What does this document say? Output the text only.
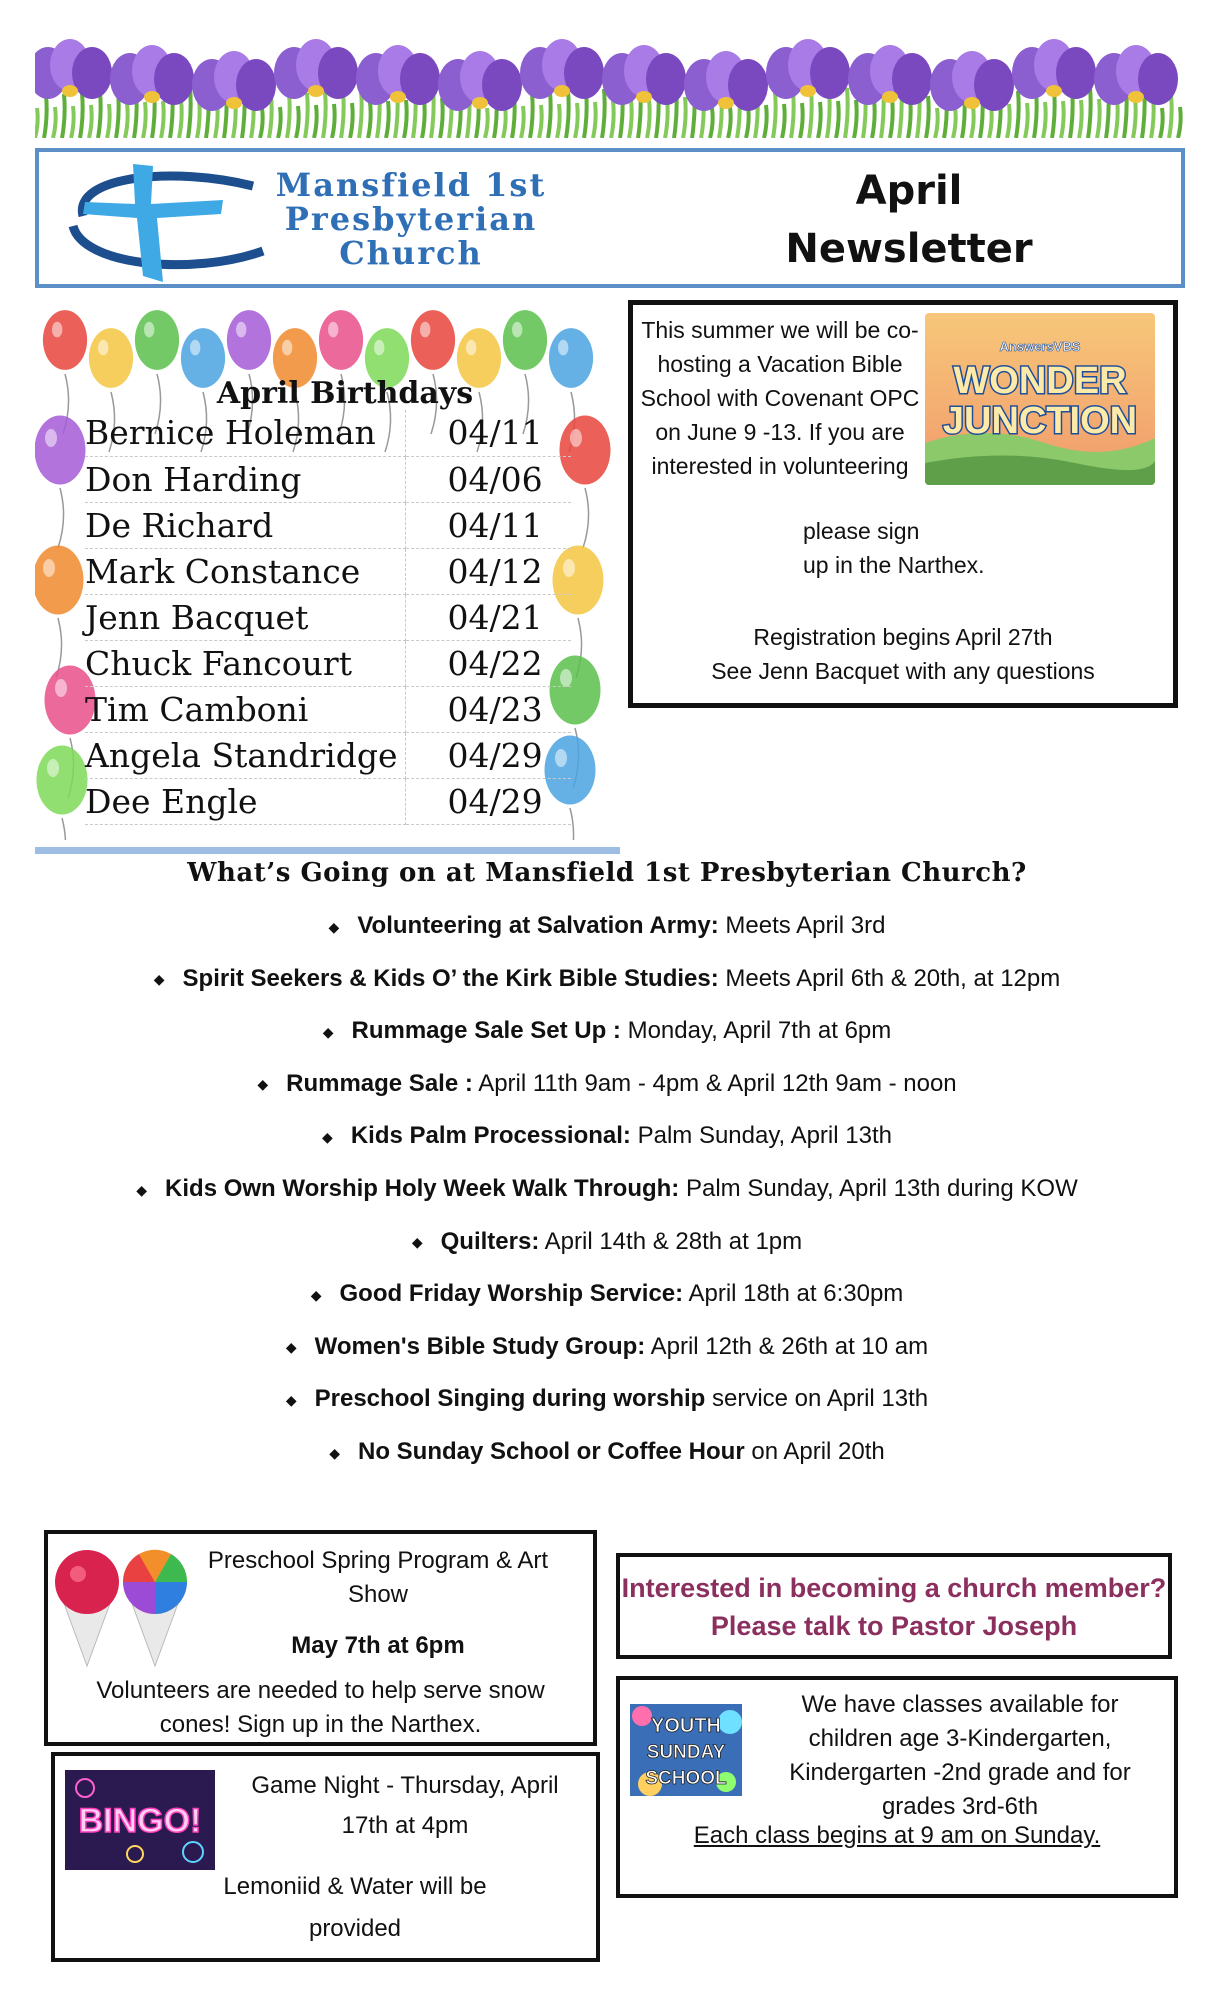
Mansfield 1st
Presbyterian
Church
April
Newsletter
April Birthdays
Bernice Holeman	04/11
Don Harding	04/06
De Richard	04/11
Mark Constance	04/12
Jenn Bacquet	04/21
Chuck Fancourt	04/22
Tim Camboni	04/23
Angela Standridge	04/29
Dee Engle	04/29
This summer we will be co-hosting a Vacation Bible School with Covenant OPC on June 9 -13. If you are interested in volunteering
please sign
up in the Narthex.
Registration begins April 27th
See Jenn Bacquet with any questions
AnswersVBS
WONDER
JUNCTION
What’s Going on at Mansfield 1st Presbyterian Church?
◆ Volunteering at Salvation Army: Meets April 3rd
◆ Spirit Seekers & Kids O’ the Kirk Bible Studies: Meets April 6th & 20th, at 12pm
◆ Rummage Sale Set Up : Monday, April 7th at 6pm
◆ Rummage Sale : April 11th 9am - 4pm & April 12th 9am - noon
◆ Kids Palm Processional: Palm Sunday, April 13th
◆ Kids Own Worship Holy Week Walk Through: Palm Sunday, April 13th during KOW
◆ Quilters: April 14th & 28th at 1pm
◆ Good Friday Worship Service: April 18th at 6:30pm
◆ Women's Bible Study Group: April 12th & 26th at 10 am
◆ Preschool Singing during worship service on April 13th
◆ No Sunday School or Coffee Hour on April 20th
Preschool Spring Program & Art Show
May 7th at 6pm
Volunteers are needed to help serve snow cones! Sign up in the Narthex.
BINGO!
Game Night - Thursday, April 17th at 4pm
Lemoniid & Water will be provided
Interested in becoming a church member? Please talk to Pastor Joseph
YOUTH
SUNDAY
SCHOOL
We have classes available for children age 3-Kindergarten, Kindergarten -2nd grade and for grades 3rd-6th
Each class begins at 9 am on Sunday.
